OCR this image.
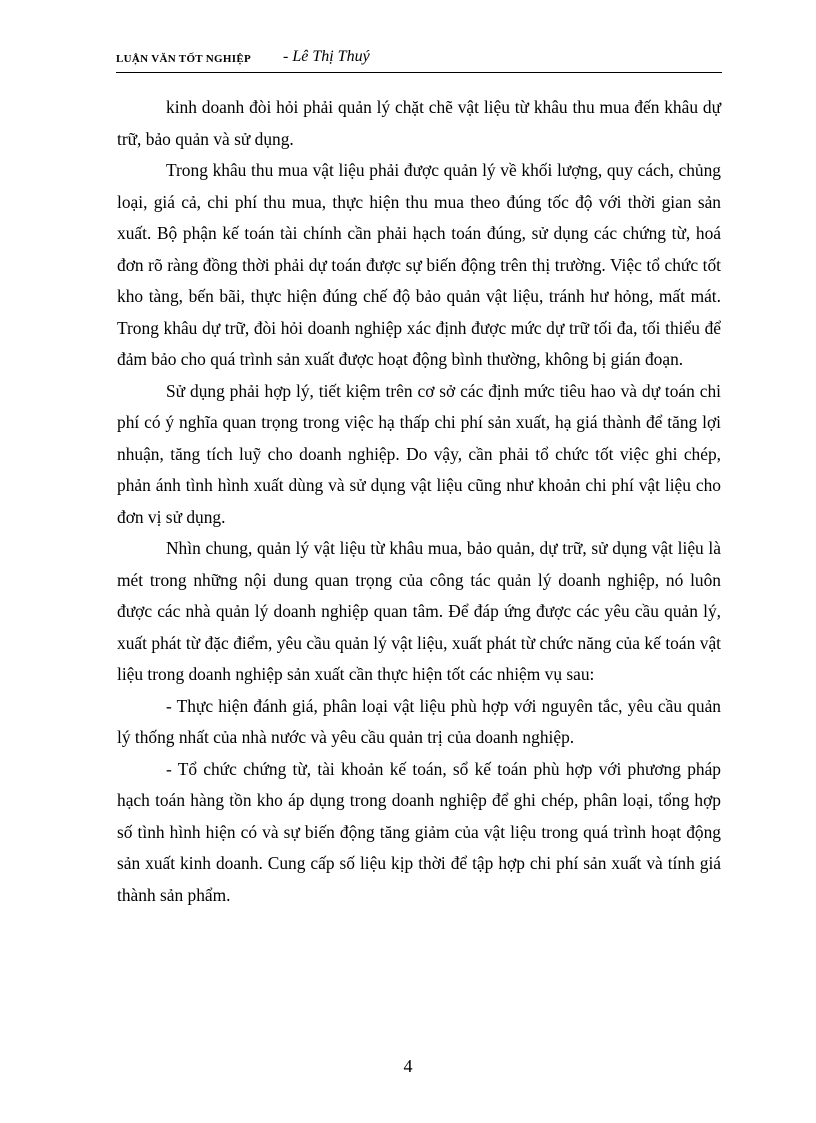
LUẬN VĂN TỐT NGHIỆP - Lê Thị Thuý

kinh doanh đòi hỏi phải quản lý chặt chẽ vật liệu từ khâu thu mua đến khâu dự trữ, bảo quản và sử dụng.

Trong khâu thu mua vật liệu phải được quản lý về khối lượng, quy cách, chủng loại, giá cả, chi phí thu mua, thực hiện thu mua theo đúng tốc độ với thời gian sản xuất. Bộ phận kế toán tài chính cần phải hạch toán đúng, sử dụng các chứng từ, hoá đơn rõ ràng đồng thời phải dự toán được sự biến động trên thị trường. Việc tổ chức tốt kho tàng, bến bãi, thực hiện đúng chế độ bảo quản vật liệu, tránh hư hỏng, mất mát. Trong khâu dự trữ, đòi hỏi doanh nghiệp xác định được mức dự trữ tối đa, tối thiểu để đảm bảo cho quá trình sản xuất được hoạt động bình thường, không bị gián đoạn.

Sử dụng phải hợp lý, tiết kiệm trên cơ sở các định mức tiêu hao và dự toán chi phí có ý nghĩa quan trọng trong việc hạ thấp chi phí sản xuất, hạ giá thành để tăng lợi nhuận, tăng tích luỹ cho doanh nghiệp. Do vậy, cần phải tổ chức tốt việc ghi chép, phản ánh tình hình xuất dùng và sử dụng vật liệu cũng như khoản chi phí vật liệu cho đơn vị sử dụng.

Nhìn chung, quản lý vật liệu từ khâu mua, bảo quản, dự trữ, sử dụng vật liệu là mét trong những nội dung quan trọng của công tác quản lý doanh nghiệp, nó luôn được các nhà quản lý doanh nghiệp quan tâm. Để đáp ứng được các yêu cầu quản lý, xuất phát từ đặc điểm, yêu cầu quản lý vật liệu, xuất phát từ chức năng của kế toán vật liệu trong doanh nghiệp sản xuất cần thực hiện tốt các nhiệm vụ sau:

- Thực hiện đánh giá, phân loại vật liệu phù hợp với nguyên tắc, yêu cầu quản lý thống nhất của nhà nước và yêu cầu quản trị của doanh nghiệp.

- Tổ chức chứng từ, tài khoản kế toán, sổ kế toán phù hợp với phương pháp hạch toán hàng tồn kho áp dụng trong doanh nghiệp để ghi chép, phân loại, tổng hợp số tình hình hiện có và sự biến động tăng giảm của vật liệu trong quá trình hoạt động sản xuất kinh doanh. Cung cấp số liệu kịp thời để tập hợp chi phí sản xuất và tính giá thành sản phẩm.

4
